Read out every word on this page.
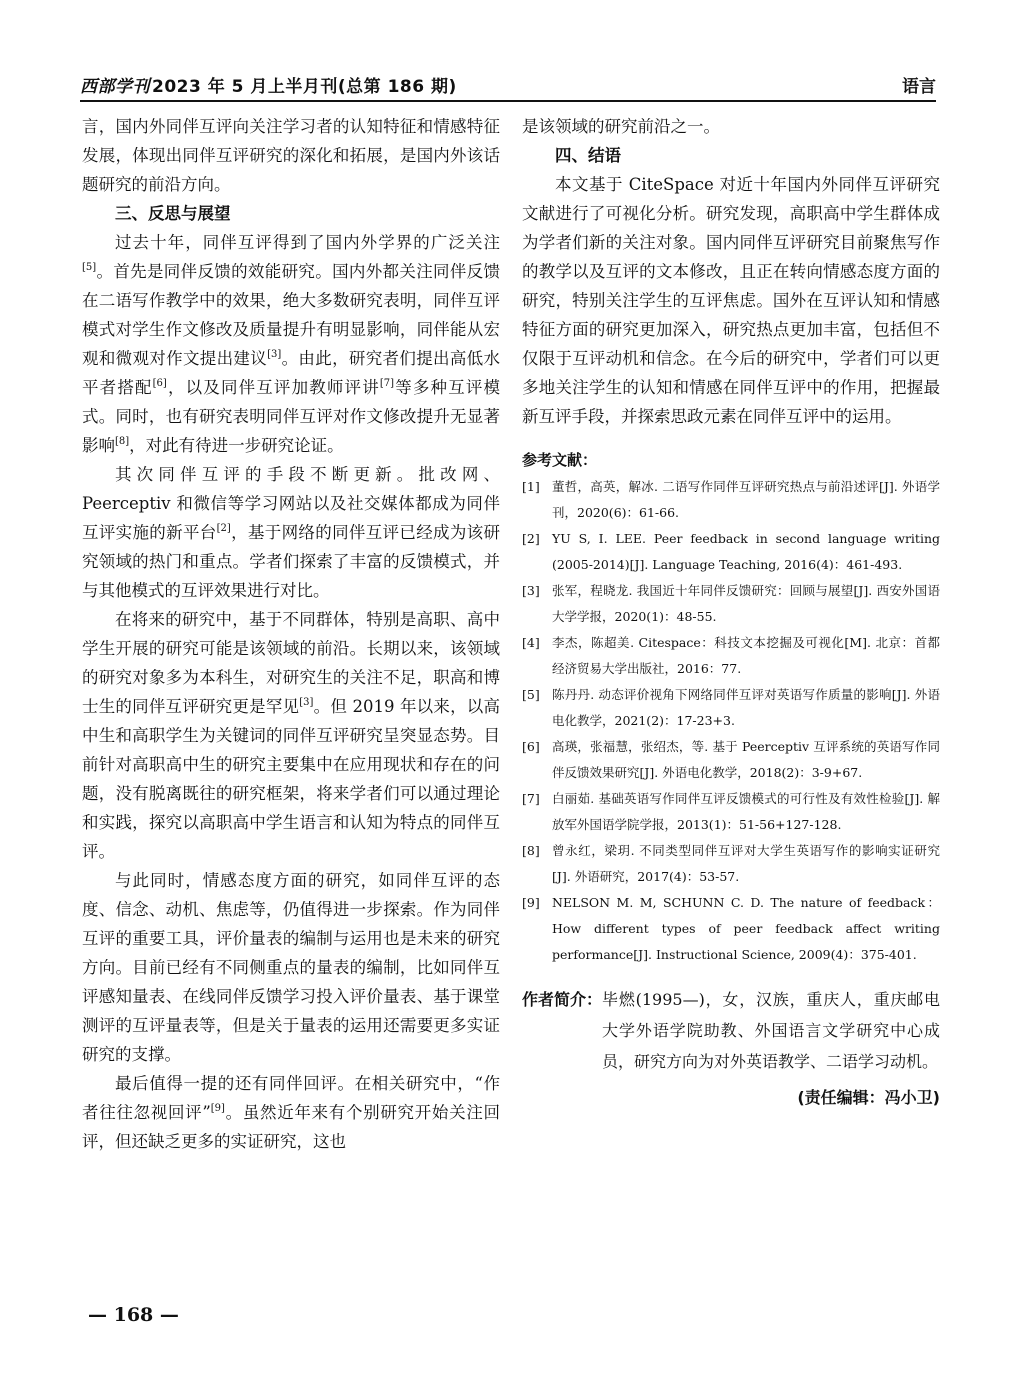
西部学刊 2023 年 5 月上半月刊(总第 186 期)	语言

言，国内外同伴互评向关注学习者的认知特征和情感特征发展，体现出同伴互评研究的深化和拓展，是国内外该话题研究的前沿方向。

三、反思与展望

过去十年，同伴互评得到了国内外学界的广泛关注[5]。首先是同伴反馈的效能研究。国内外都关注同伴反馈在二语写作教学中的效果，绝大多数研究表明，同伴互评模式对学生作文修改及质量提升有明显影响，同伴能从宏观和微观对作文提出建议[3]。由此，研究者们提出高低水平者搭配[6]，以及同伴互评加教师评讲[7]等多种互评模式。同时，也有研究表明同伴互评对作文修改提升无显著影响[8]，对此有待进一步研究论证。

其次同伴互评的手段不断更新。批改网、Peerceptiv 和微信等学习网站以及社交媒体都成为同伴互评实施的新平台[2]，基于网络的同伴互评已经成为该研究领域的热门和重点。学者们探索了丰富的反馈模式，并与其他模式的互评效果进行对比。

在将来的研究中，基于不同群体，特别是高职、高中学生开展的研究可能是该领域的前沿。长期以来，该领域的研究对象多为本科生，对研究生的关注不足，职高和博士生的同伴互评研究更是罕见[3]。但 2019 年以来，以高中生和高职学生为关键词的同伴互评研究呈突显态势。目前针对高职高中生的研究主要集中在应用现状和存在的问题，没有脱离既往的研究框架，将来学者们可以通过理论和实践，探究以高职高中学生语言和认知为特点的同伴互评。

与此同时，情感态度方面的研究，如同伴互评的态度、信念、动机、焦虑等，仍值得进一步探索。作为同伴互评的重要工具，评价量表的编制与运用也是未来的研究方向。目前已经有不同侧重点的量表的编制，比如同伴互评感知量表、在线同伴反馈学习投入评价量表、基于课堂测评的互评量表等，但是关于量表的运用还需要更多实证研究的支撑。

最后值得一提的还有同伴回评。在相关研究中，“作者往往忽视回评”[9]。虽然近年来有个别研究开始关注回评，但还缺乏更多的实证研究，这也

是该领域的研究前沿之一。

四、结语

本文基于 CiteSpace 对近十年国内外同伴互评研究文献进行了可视化分析。研究发现，高职高中学生群体成为学者们新的关注对象。国内同伴互评研究目前聚焦写作的教学以及互评的文本修改，且正在转向情感态度方面的研究，特别关注学生的互评焦虑。国外在互评认知和情感特征方面的研究更加深入，研究热点更加丰富，包括但不仅限于互评动机和信念。在今后的研究中，学者们可以更多地关注学生的认知和情感在同伴互评中的作用，把握最新互评手段，并探索思政元素在同伴互评中的运用。

参考文献：
[1] 董哲，高英，解冰. 二语写作同伴互评研究热点与前沿述评[J]. 外语学刊，2020(6)：61-66.
[2] YU S, I. LEE. Peer feedback in second language writing (2005-2014)[J]. Language Teaching, 2016(4)：461-493.
[3] 张军，程晓龙. 我国近十年同伴反馈研究：回顾与展望[J]. 西安外国语大学学报，2020(1)：48-55.
[4] 李杰，陈超美. Citespace：科技文本挖掘及可视化[M]. 北京：首都经济贸易大学出版社，2016：77.
[5] 陈丹丹. 动态评价视角下网络同伴互评对英语写作质量的影响[J]. 外语电化教学，2021(2)：17-23+3.
[6] 高瑛，张福慧，张绍杰，等. 基于 Peerceptiv 互评系统的英语写作同伴反馈效果研究[J]. 外语电化教学，2018(2)：3-9+67.
[7] 白丽茹. 基础英语写作同伴互评反馈模式的可行性及有效性检验[J]. 解放军外国语学院学报，2013(1)：51-56+127-128.
[8] 曾永红，梁玥. 不同类型同伴互评对大学生英语写作的影响实证研究[J]. 外语研究，2017(4)：53-57.
[9] NELSON M. M, SCHUNN C. D. The nature of feedback：How different types of peer feedback affect writing performance[J]. Instructional Science, 2009(4)：375-401.
作者简介： 毕燃(1995—)，女，汉族，重庆人，重庆邮电大学外语学院助教、外国语言文学研究中心成员，研究方向为对外英语教学、二语学习动机。
(责任编辑：冯小卫)
— 168 —
